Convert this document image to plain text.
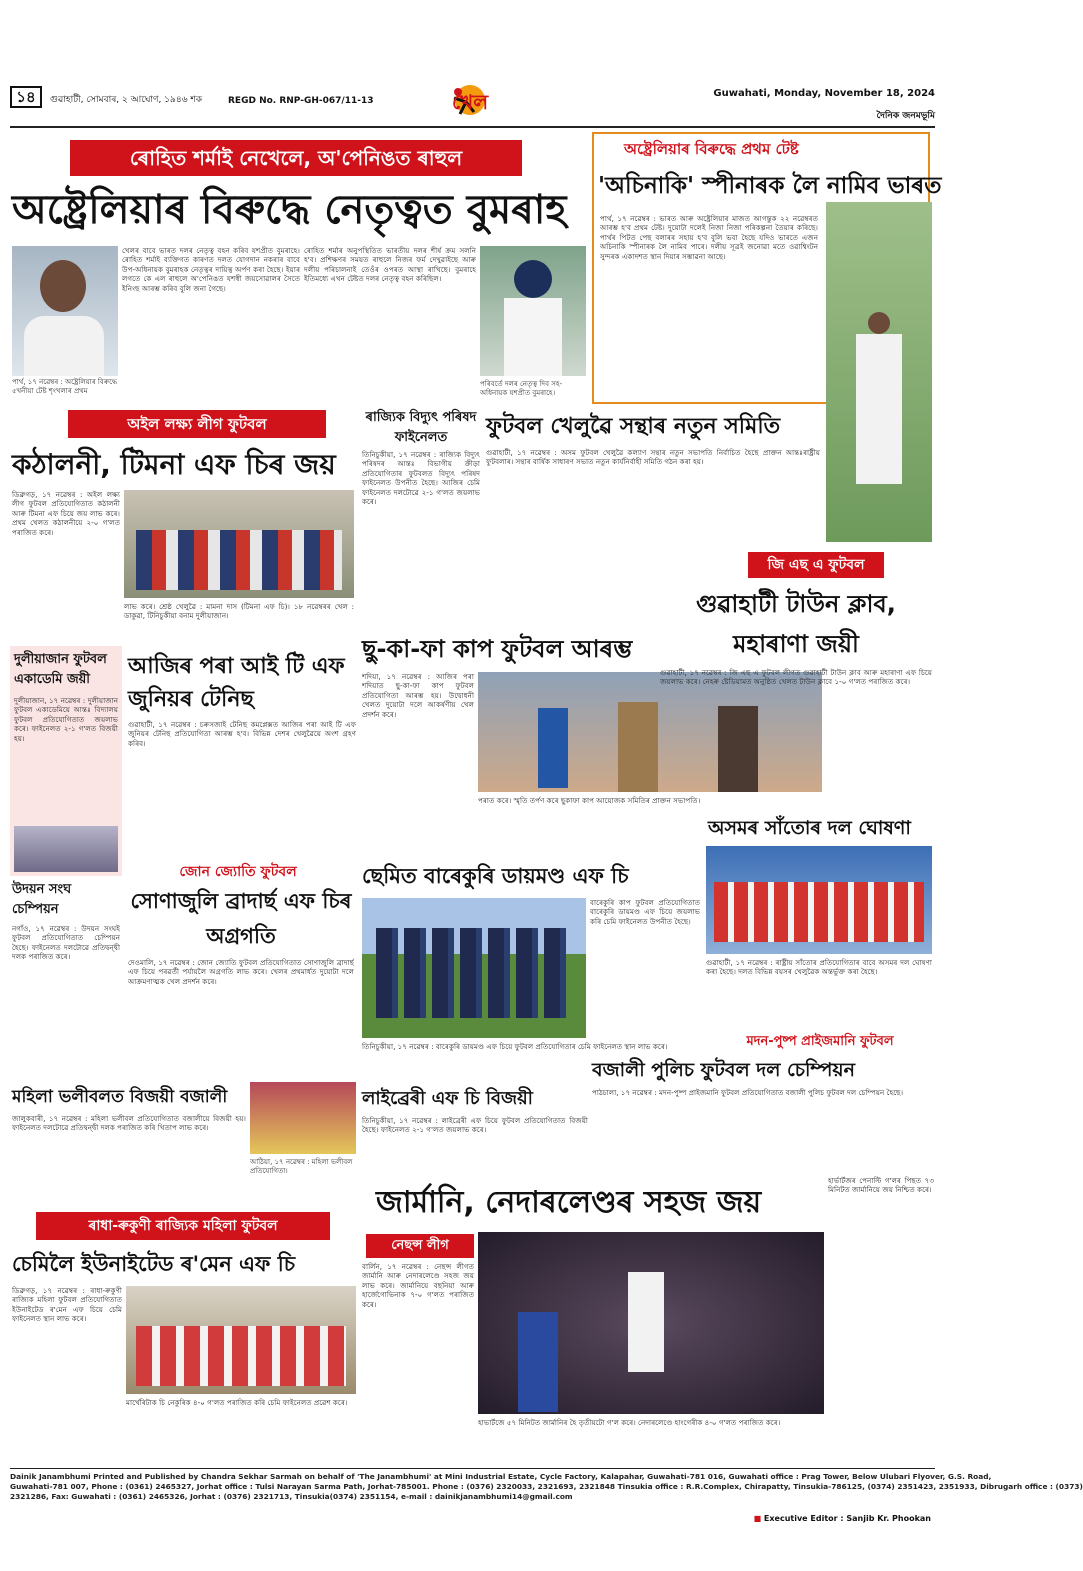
১৪	গুৱাহাটী, সোমবাৰ, ২ আঘোণ, ১৯৪৬ শক	REGD No. RNP-GH-067/11-13	খেল	Guwahati, Monday, November 18, 2024
দৈনিক জনমভূমি
ৰোহিত শৰ্মাই নেখেলে, অ'পেনিঙত ৰাহুল
অষ্ট্ৰেলিয়াৰ বিৰুদ্ধে নেতৃত্বত বুমৰাহ
পাৰ্থ, ১৭ নৱেম্বৰ : অষ্ট্ৰেলিয়াৰ বিৰুদ্ধে ৫খনীয়া টেষ্ট শৃংখলাৰ প্ৰথম
খেলৰ বাবে ভাৰত দলৰ নেতৃত্ব বহন কৰিব যশপ্ৰীত বুমৰাহে। ৰোহিত শৰ্মাই ব্যক্তিগত কাৰণত দলত যোগদান নকৰাৰ বাবে উপ-অধিনায়ক বুমৰাহক নেতৃত্বৰ দায়িত্ব অৰ্পণ কৰা হৈছে। ইয়াৰ লগতে কে এল ৰাহুলে অ'পেনিঙত যশস্বী জয়সোৱালৰ সৈতে ইনিংছ আৰম্ভ কৰিব বুলি জনা গৈছে।
ৰোহিত শৰ্মাৰ অনুপস্থিতিত ভাৰতীয় দলৰ শীৰ্ষ ক্ৰম সলনি হ'ব। প্ৰশিক্ষণৰ সময়ত ৰাহুলে নিজৰ ফৰ্ম দেখুৱাইছে আৰু দলীয় পৰিচালনাই তেওঁৰ ওপৰত আস্থা ৰাখিছে। বুমৰাহে ইতিমধ্যে এখন টেষ্টত দলৰ নেতৃত্ব বহন কৰিছিল।
পৰিবৰ্তে দলৰ নেতৃত্ব দিব সহ-অধিনায়ক যশপ্ৰীত বুমৰাহে।
অষ্ট্ৰেলিয়াৰ বিৰুদ্ধে প্ৰথম টেষ্ট
'অচিনাকি' স্পীনাৰক লৈ নামিব ভাৰত
পাৰ্থ, ১৭ নৱেম্বৰ : ভাৰত আৰু অষ্ট্ৰেলিয়াৰ মাজত আগন্তুক ২২ নৱেম্বৰত আৰম্ভ হ'ব প্ৰথম টেষ্ট। দুয়োটা দলেই নিজা নিজা পৰিকল্পনা তৈয়াৰ কৰিছে। পাৰ্থৰ পিটত পেছ বলাৰৰ সহায় হ'ব বুলি ভবা হৈছে যদিও ভাৰতে এজন অচিনাকি স্পীনাৰক লৈ নামিব পাৰে। দলীয় সূত্ৰই জনোৱা মতে ওৱাশ্বিংটন সুন্দৰক একাদশত স্থান দিয়াৰ সম্ভাৱনা আছে।
অইল লক্ষ্য লীগ ফুটবল
কঠালনী, টিমনা এফ চিৰ জয়
ডিব্ৰুগড়, ১৭ নৱেম্বৰ : অইল লক্ষ্য লীগ ফুটবল প্ৰতিযোগিতাত কঠালনী আৰু টিমনা এফ চিয়ে জয় লাভ কৰে। প্ৰথম খেলত কঠালনীয়ে ২-০ গ'লত পৰাজিত কৰে।
লাভ কৰে। শ্ৰেষ্ঠ খেলুৱৈ : মামনা দাস (টিমনা এফ চি)। ১৮ নৱেম্বৰৰ খেল : ডাকুৱা, টিনিচুকীয়া বনাম দুলীয়াজান।
ৰাজ্যিক বিদ্যুৎ পৰিষদ ফাইনেলত
তিনিচুকীয়া, ১৭ নৱেম্বৰ : ৰাজ্যিক বিদ্যুৎ পৰিষদৰ আন্তঃ বিভাগীয় ক্ৰীড়া প্ৰতিযোগিতাৰ ফুটবলত বিদ্যুৎ পৰিষদ ফাইনেলত উপনীত হৈছে। আজিৰ চেমি ফাইনেলত দলটোৱে ২-১ গ'লত জয়লাভ কৰে।
ফুটবল খেলুৱৈ সন্থাৰ নতুন সমিতি
গুৱাহাটী, ১৭ নৱেম্বৰ : অসম ফুটবল খেলুৱৈ কল্যাণ সন্থাৰ নতুন সভাপতি নিৰ্বাচিত হৈছে প্ৰাক্তন আন্তঃৰাষ্ট্ৰীয় ফুটবলাৰ। সন্থাৰ বাৰ্ষিক সাধাৰণ সভাত নতুন কাৰ্যনিৰ্বাহী সমিতি গঠন কৰা হয়।
দুলীয়াজান ফুটবল একাডেমি জয়ী
দুলীয়াজান, ১৭ নৱেম্বৰ : দুলীয়াজান ফুটবল একাডেমিয়ে আন্তঃ বিদ্যালয় ফুটবল প্ৰতিযোগিতাত জয়লাভ কৰে। ফাইনেলত ২-১ গ'লত বিজয়ী হয়।
আজিৰ পৰা আই টি এফ জুনিয়ৰ টেনিছ
গুৱাহাটী, ১৭ নৱেম্বৰ : চৰুসজাই টেনিছ কমপ্লেক্সত আজিৰ পৰা আই টি এফ জুনিয়ৰ টেনিছ প্ৰতিযোগিতা আৰম্ভ হ'ব। বিভিন্ন দেশৰ খেলুৱৈয়ে অংশ গ্ৰহণ কৰিব।
ছু-কা-ফা কাপ ফুটবল আৰম্ভ
শদিয়া, ১৭ নৱেম্বৰ : আজিৰ পৰা শদিয়াত ছু-কা-ফা কাপ ফুটবল প্ৰতিযোগিতা আৰম্ভ হয়। উদ্বোধনী খেলত দুয়োটা দলে আকৰ্ষণীয় খেল প্ৰদৰ্শন কৰে।
পৰাত কৰে। স্মৃতি তৰ্পণ কৰে ছুকাফা কাপ আয়োজক সমিতিৰ প্ৰাক্তন সভাপতি।
জি এছ এ ফুটবল
গুৱাহাটী টাউন ক্লাব, মহাৰাণা জয়ী
গুৱাহাটী, ১৭ নৱেম্বৰ : জি এছ এ ফুটবল লীগত গুৱাহাটী টাউন ক্লাব আৰু মহাৰাণা এফ চিয়ে জয়লাভ কৰে। নেহৰু ষ্টেডিয়ামত অনুষ্ঠিত খেলত টাউন ক্লাবে ১-০ গ'লত পৰাজিত কৰে।
অসমৰ সাঁতোৰ দল ঘোষণা
গুৱাহাটী, ১৭ নৱেম্বৰ : ৰাষ্ট্ৰীয় সাঁতোৰ প্ৰতিযোগিতাৰ বাবে অসমৰ দল ঘোষণা কৰা হৈছে। দলত বিভিন্ন বয়সৰ খেলুৱৈক অন্তৰ্ভুক্ত কৰা হৈছে।
উদয়ন সংঘ চেম্পিয়ন
নগাঁও, ১৭ নৱেম্বৰ : উদয়ন সংঘই ফুটবল প্ৰতিযোগিতাত চেম্পিয়ন হৈছে। ফাইনেলত দলটোৱে প্ৰতিদ্বন্দ্বী দলক পৰাজিত কৰে।
জোন জ্যোতি ফুটবল
সোণাজুলি ব্ৰাদাৰ্ছ এফ চিৰ অগ্ৰগতি
দেওমালি, ১৭ নৱেম্বৰ : জোন জ্যোতি ফুটবল প্ৰতিযোগিতাত সোণাজুলি ব্ৰাদাৰ্ছ এফ চিয়ে পৰৱৰ্তী পৰ্যায়লৈ অগ্ৰগতি লাভ কৰে। খেলৰ প্ৰথমাৰ্ধত দুয়োটা দলে আক্ৰমণাত্মক খেল প্ৰদৰ্শন কৰে।
ছেমিত বাৰেকুৰি ডায়মণ্ড এফ চি
বাৰেকুৰি কাপ ফুটবল প্ৰতিযোগিতাত বাৰেকুৰি ডায়মণ্ড এফ চিয়ে জয়লাভ কৰি চেমি ফাইনেলত উপনীত হৈছে।
তিনিচুকীয়া, ১৭ নৱেম্বৰ : বাৰেকুৰি ডায়মণ্ড এফ চিয়ে ফুটবল প্ৰতিযোগিতাৰ চেমি ফাইনেলত স্থান লাভ কৰে।	মদন-পুষ্প প্ৰাইজমানি ফুটবল
বজালী পুলিচ ফুটবল দল চেম্পিয়ন
পাঠচালা, ১৭ নৱেম্বৰ : মদন-পুষ্প প্ৰাইজমানি ফুটবল প্ৰতিযোগিতাত বজালী পুলিচ ফুটবল দল চেম্পিয়ন হৈছে।
মহিলা ভলীবলত বিজয়ী বজালী
জালুকবাৰী, ১৭ নৱেম্বৰ : মহিলা ভলীবল প্ৰতিযোগিতাত বজালীয়ে বিজয়ী হয়। ফাইনেলত দলটোৱে প্ৰতিদ্বন্দ্বী দলক পৰাজিত কৰি খিতাপ লাভ কৰে।
আঠিয়া, ১৭ নৱেম্বৰ : মহিলা ভলীবল প্ৰতিযোগিতা।
লাইব্ৰেৰী এফ চি বিজয়ী
তিনিচুকীয়া, ১৭ নৱেম্বৰ : লাইব্ৰেৰী এফ চিয়ে ফুটবল প্ৰতিযোগিতাত বিজয়ী হৈছে। ফাইনেলত ২-১ গ'লত জয়লাভ কৰে।
ৰাধা-ৰুকুণী ৰাজ্যিক মহিলা ফুটবল
চেমিলৈ ইউনাইটেড ৰ'মেন এফ চি
ডিব্ৰুগড়, ১৭ নৱেম্বৰ : ৰাধা-ৰুকুণী ৰাজ্যিক মহিলা ফুটবল প্ৰতিযোগিতাত ইউনাইটেড ৰ'মেন এফ চিয়ে চেমি ফাইনেলত স্থান লাভ কৰে।
মাৰ্খেৰিটাক চি নেকুৰিক ৪-০ গ'লত পৰাজিত কৰি চেমি ফাইনেলত প্ৰৱেশ কৰে।
জাৰ্মানি, নেদাৰলেণ্ডৰ সহজ জয়
নেছন্স লীগ
বাৰ্লিন, ১৭ নৱেম্বৰ : নেছন্স লীগত জাৰ্মানি আৰু নেদাৰলেণ্ডে সহজ জয় লাভ কৰে। জাৰ্মানিয়ে বছনিয়া আৰু হাৰ্জেগোভিনাক ৭-০ গ'লত পৰাজিত কৰে।
হাভাৰ্টজে ৫৭ মিনিটত জাৰ্মানিৰ হৈ তৃতীয়টো গ'ল কৰে। নেদাৰলেণ্ডে হাংগেৰীক ৪-০ গ'লত পৰাজিত কৰে।
হাৰ্ভাৰ্টজৰ পেনাল্টি গ'লৰ পিছত ৭৩ মিনিটত জাৰ্মানিয়ে জয় নিশ্চিত কৰে।
Dainik Janambhumi Printed and Published by Chandra Sekhar Sarmah on behalf of 'The Janambhumi' at Mini Industrial Estate, Cycle Factory, Kalapahar, Guwahati-781 016, Guwahati office : Prag Tower, Below Ulubari Flyover, G.S. Road,
Guwahati-781 007, Phone : (0361) 2465327, Jorhat office : Tulsi Narayan Sarma Path, Jorhat-785001. Phone : (0376) 2320033, 2321693, 2321848 Tinsukia office : R.R.Complex, Chirapatty, Tinsukia-786125, (0374) 2351423, 2351933, Dibrugarh office : (0373)
2321286, Fax: Guwahati : (0361) 2465326, Jorhat : (0376) 2321713, Tinsukia(0374) 2351154, e-mail : dainikjanambhumi14@gmail.com
■ Executive Editor : Sanjib Kr. Phookan
